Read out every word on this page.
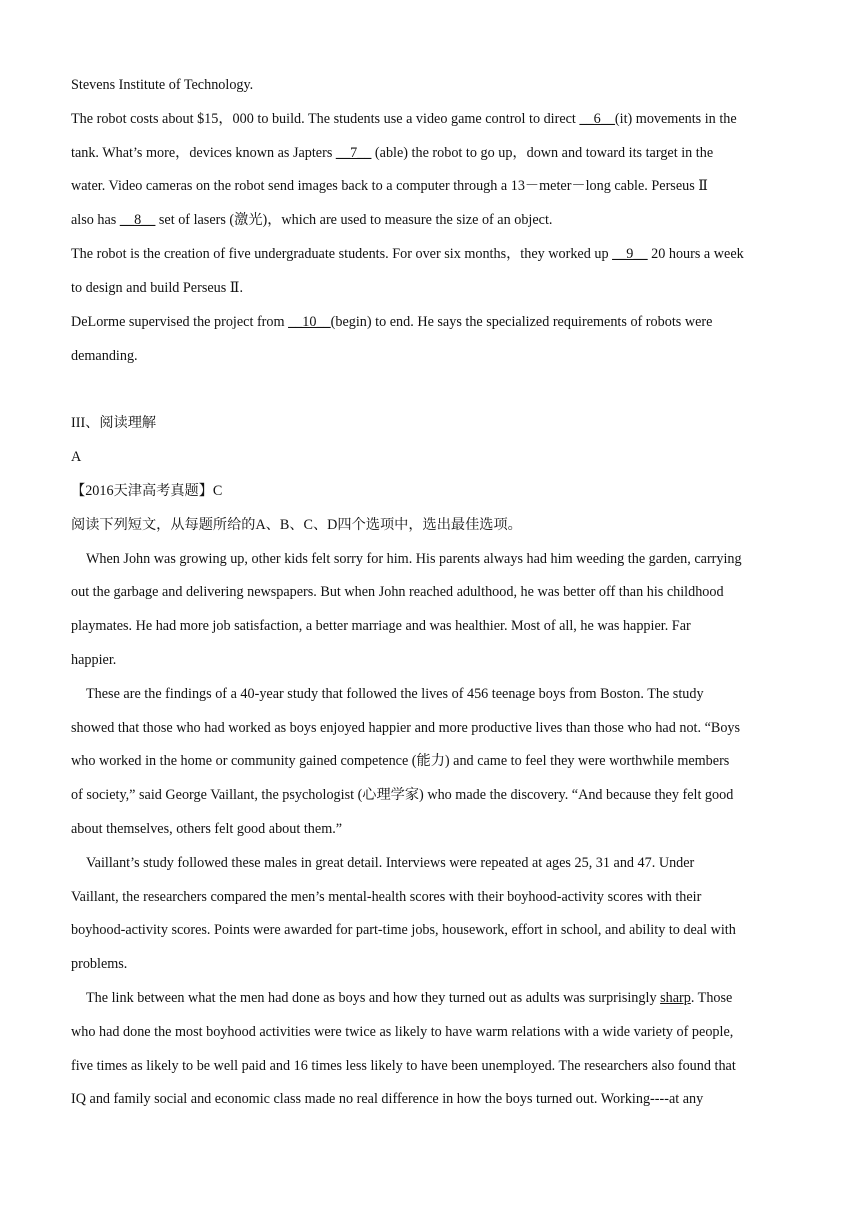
Stevens Institute of Technology.
The robot costs about $15，000 to build. The students use a video game control to direct __6__(it) movements in the
tank. What’s more，devices known as Japters __7__ (able) the robot to go up，down and toward its target in the
water. Video cameras on the robot send images back to a computer through a 13－meter－long cable. Perseus Ⅱ
also has __8__ set of lasers (激光)，which are used to measure the size of an object.
The robot is the creation of five undergraduate students. For over six months，they worked up __9__ 20 hours a week
to design and build Perseus Ⅱ.
DeLorme supervised the project from __10__(begin) to end. He says the specialized requirements of robots were
demanding.
III、阅读理解
A
【2016天津高考真题】C
阅读下列短文，从每题所给的A、B、C、D四个选项中，选出最佳选项。
When John was growing up, other kids felt sorry for him. His parents always had him weeding the garden, carrying
out the garbage and delivering newspapers. But when John reached adulthood, he was better off than his childhood
playmates. He had more job satisfaction, a better marriage and was healthier. Most of all, he was happier. Far
happier.
These are the findings of a 40-year study that followed the lives of 456 teenage boys from Boston. The study
showed that those who had worked as boys enjoyed happier and more productive lives than those who had not. “Boys
who worked in the home or community gained competence (能力) and came to feel they were worthwhile members
of society,” said George Vaillant, the psychologist (心理学家) who made the discovery. “And because they felt good
about themselves, others felt good about them.”
Vaillant’s study followed these males in great detail. Interviews were repeated at ages 25, 31 and 47. Under
Vaillant, the researchers compared the men’s mental-health scores with their boyhood-activity scores with their
boyhood-activity scores. Points were awarded for part-time jobs, housework, effort in school, and ability to deal with
problems.
The link between what the men had done as boys and how they turned out as adults was surprisingly sharp. Those
who had done the most boyhood activities were twice as likely to have warm relations with a wide variety of people,
five times as likely to be well paid and 16 times less likely to have been unemployed. The researchers also found that
IQ and family social and economic class made no real difference in how the boys turned out. Working----at any
